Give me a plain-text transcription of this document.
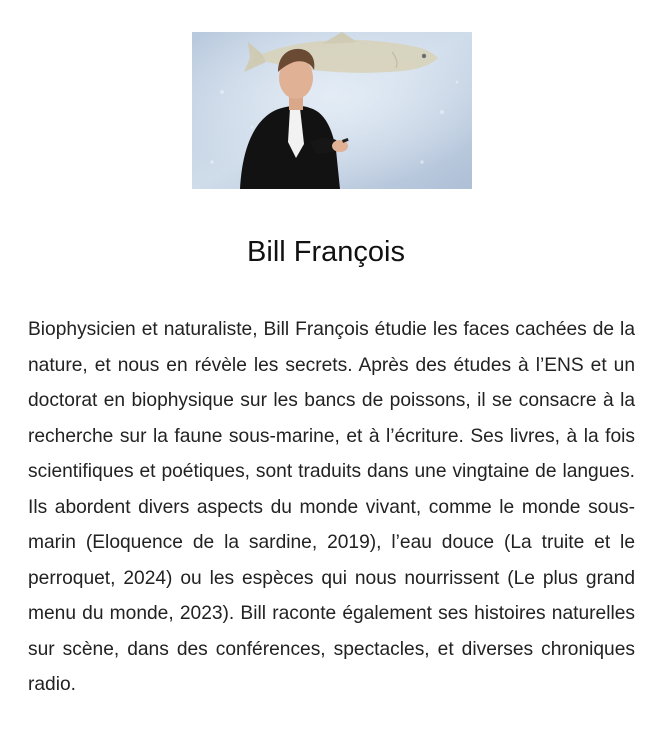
Bill François

Biophysicien et naturaliste, Bill François étudie les faces cachées de la nature, et nous en révèle les secrets. Après des études à l’ENS et un doctorat en biophysique sur les bancs de poissons, il se consacre à la recherche sur la faune sous-marine, et à l’écriture. Ses livres, à la fois scientifiques et poétiques, sont traduits dans une vingtaine de langues. Ils abordent divers aspects du monde vivant, comme le monde sous-marin (Eloquence de la sardine, 2019), l’eau douce (La truite et le perroquet, 2024) ou les espèces qui nous nourrissent (Le plus grand menu du monde, 2023). Bill raconte également ses histoires naturelles sur scène, dans des conférences, spectacles, et diverses chroniques radio.
